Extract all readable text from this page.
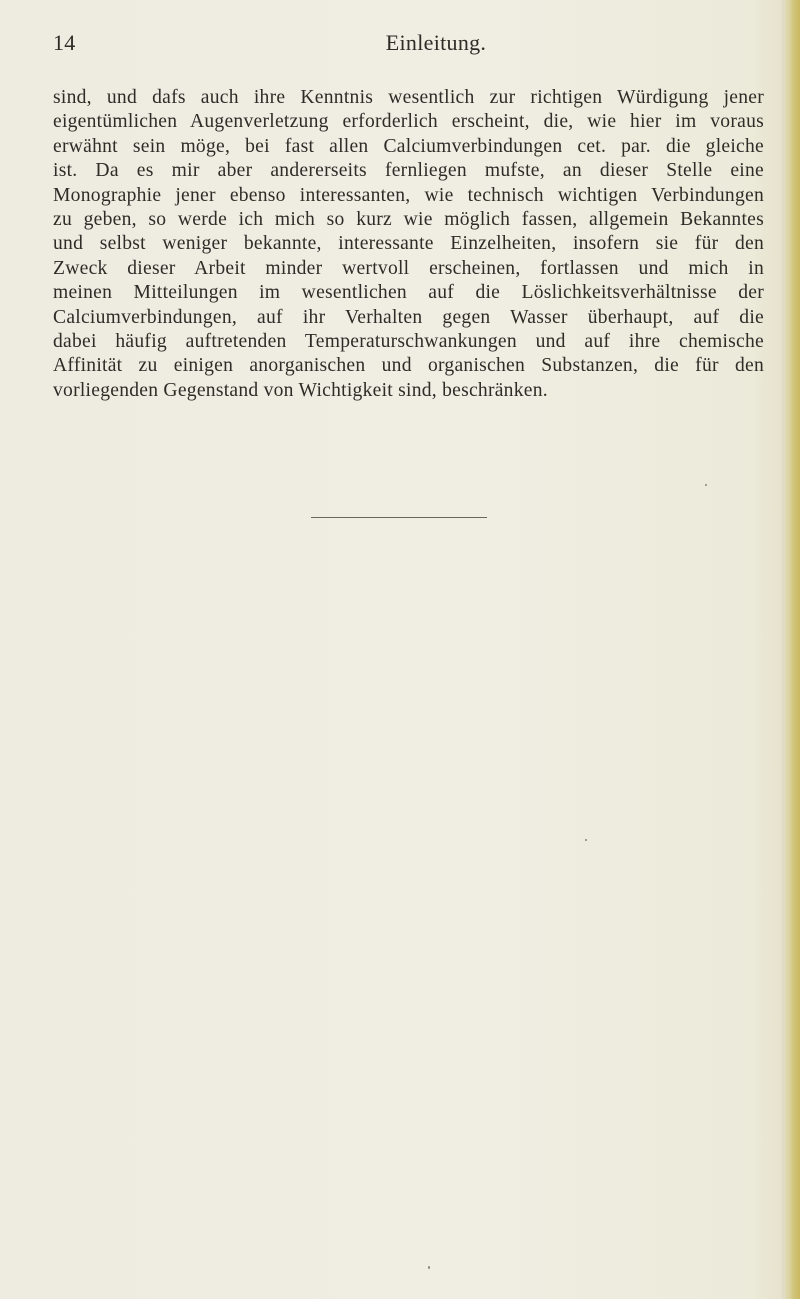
14	Einleitung.
sind, und dafs auch ihre Kenntnis wesentlich zur richtigen Würdigung jener
eigentümlichen Augenverletzung erforderlich erscheint, die, wie hier im voraus
erwähnt sein möge, bei fast allen Calciumverbindungen cet. par. die gleiche
ist. Da es mir aber andererseits fernliegen mufste, an dieser Stelle eine
Monographie jener ebenso interessanten, wie technisch wichtigen Verbindungen
zu geben, so werde ich mich so kurz wie möglich fassen, allgemein Bekanntes
und selbst weniger bekannte, interessante Einzelheiten, insofern sie für den
Zweck dieser Arbeit minder wertvoll erscheinen, fortlassen und mich in
meinen Mitteilungen im wesentlichen auf die Löslichkeitsverhältnisse der
Calciumverbindungen, auf ihr Verhalten gegen Wasser überhaupt, auf die
dabei häufig auftretenden Temperaturschwankungen und auf ihre chemische
Affinität zu einigen anorganischen und organischen Substanzen, die für den
vorliegenden Gegenstand von Wichtigkeit sind, beschränken.
